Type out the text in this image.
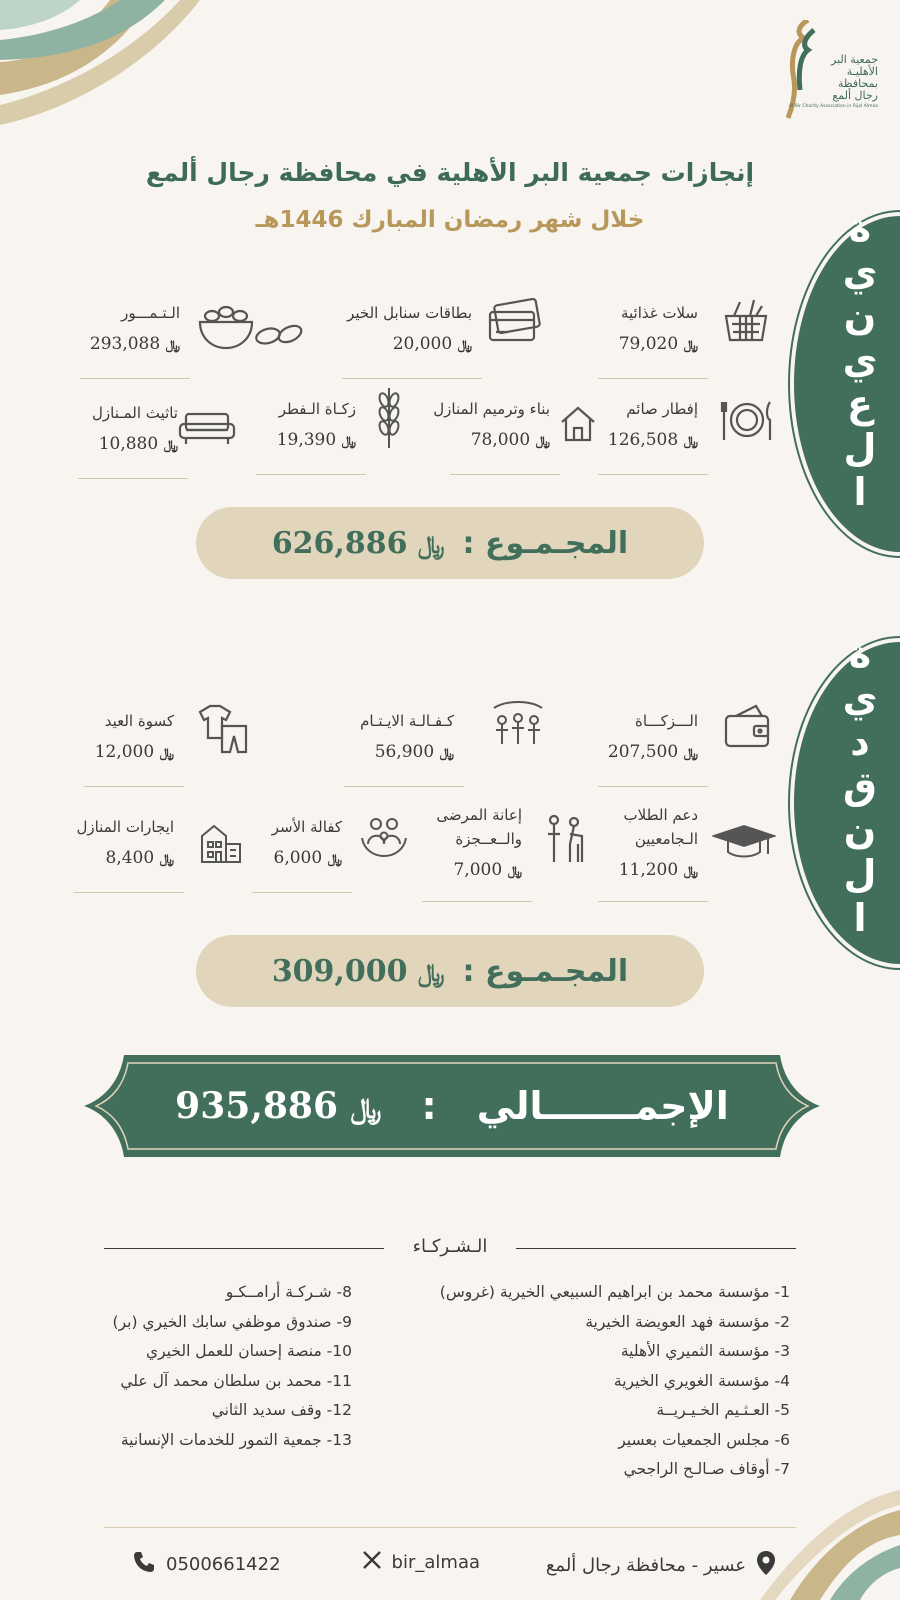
جمعية البر
الأهليـة
بمحافظة
رجال ألمع
Al Bir Charity Association in Rijal Almaa
إنجازات جمعية البر الأهلية في محافظة رجال ألمع
خلال شهر رمضان المبارك 1446هـ	العينية
النقدية
سلات غذائية
79,020 ﷼
بطاقات سنابل الخير
20,000 ﷼
الـتـمـــور
293,088 ﷼
إفطار صائم
126,508 ﷼
بناء وترميم المنازل
78,000 ﷼
زكـاة الـفطر
19,390 ﷼
تاثيث المـنازل
10,880 ﷼
المجـمـوع :
626,886 ﷼
الـــزكـــاة
207,500 ﷼
كـفـالـة الايـتـام
56,900 ﷼
كسوة العيد
12,000 ﷼
دعم الطلاب
الـجامعيين
11,200 ﷼
إعانة المرضى
والــعــجزة
7,000 ﷼
كفالة الأسر
6,000 ﷼
ايجارات المنازل
8,400 ﷼
المجـمـوع :
309,000 ﷼
الإجمـــــــالي
:
935,886 ﷼
الـشـركـاء
1- مؤسسة محمد بن ابراهيم السبيعي الخيرية (غروس)
2- مؤسسة فهد العويضة الخيرية
3- مؤسسة الثميري الأهلية
4- مؤسسة الغويري الخيرية
5- العـثـيم الخـيـريــة
6- مجلس الجمعيات بعسير
7- أوقاف صـالـح الراجحي
8- شـركـة أرامــكـو
9- صندوق موظفي سابك الخيري (بر)
10- منصة إحسان للعمل الخيري
11- محمد بن سلطان محمد آل علي
12- وقف سديد الثاني
13- جمعية التمور للخدمات الإنسانية
عسير - محافظة رجال ألمع
bir_almaa
0500661422
